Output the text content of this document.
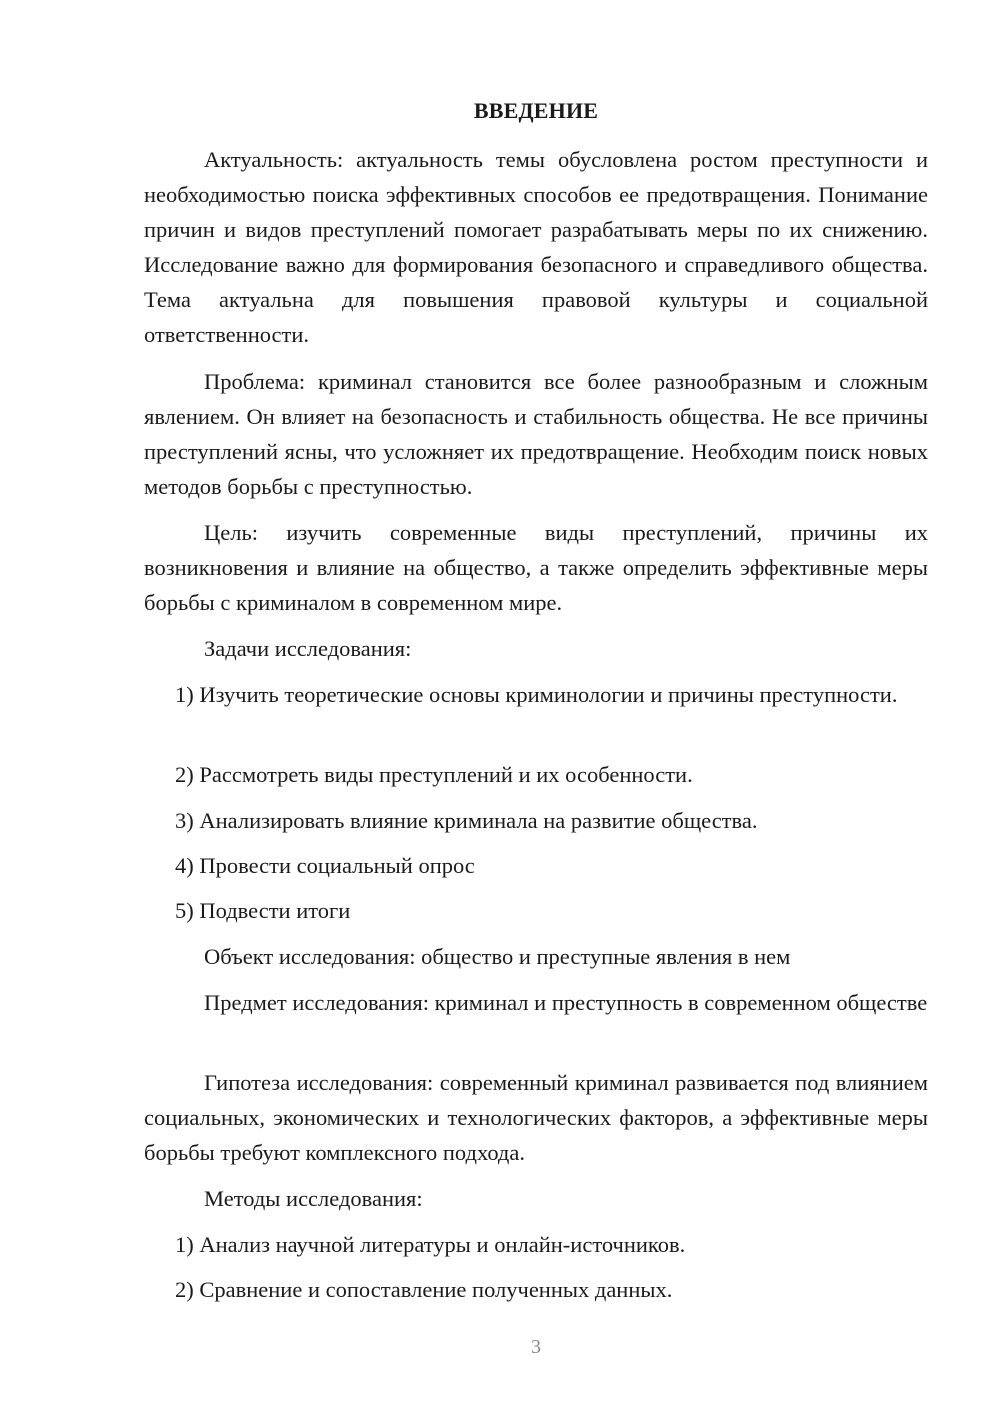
ВВЕДЕНИЕ

Актуальность: актуальность темы обусловлена ростом преступности и необходимостью поиска эффективных способов ее предотвращения. Понимание причин и видов преступлений помогает разрабатывать меры по их снижению. Исследование важно для формирования безопасного и справедливого общества. Тема актуальна для повышения правовой культуры и социальной ответственности.

Проблема: криминал становится все более разнообразным и сложным явлением. Он влияет на безопасность и стабильность общества. Не все причины преступлений ясны, что усложняет их предотвращение. Необходим поиск новых методов борьбы с преступностью.

Цель: изучить современные виды преступлений, причины их возникновения и влияние на общество, а также определить эффективные меры борьбы с криминалом в современном мире.

Задачи исследования:

1) Изучить теоретические основы криминологии и причины преступности.

2) Рассмотреть виды преступлений и их особенности.

3) Анализировать влияние криминала на развитие общества.

4) Провести социальный опрос

5) Подвести итоги

Объект исследования: общество и преступные явления в нем

Предмет исследования: криминал и преступность в современном обществе

Гипотеза исследования: современный криминал развивается под влиянием социальных, экономических и технологических факторов, а эффективные меры борьбы требуют комплексного подхода.

Методы исследования:

1) Анализ научной литературы и онлайн-источников.

2) Сравнение и сопоставление полученных данных.

3
